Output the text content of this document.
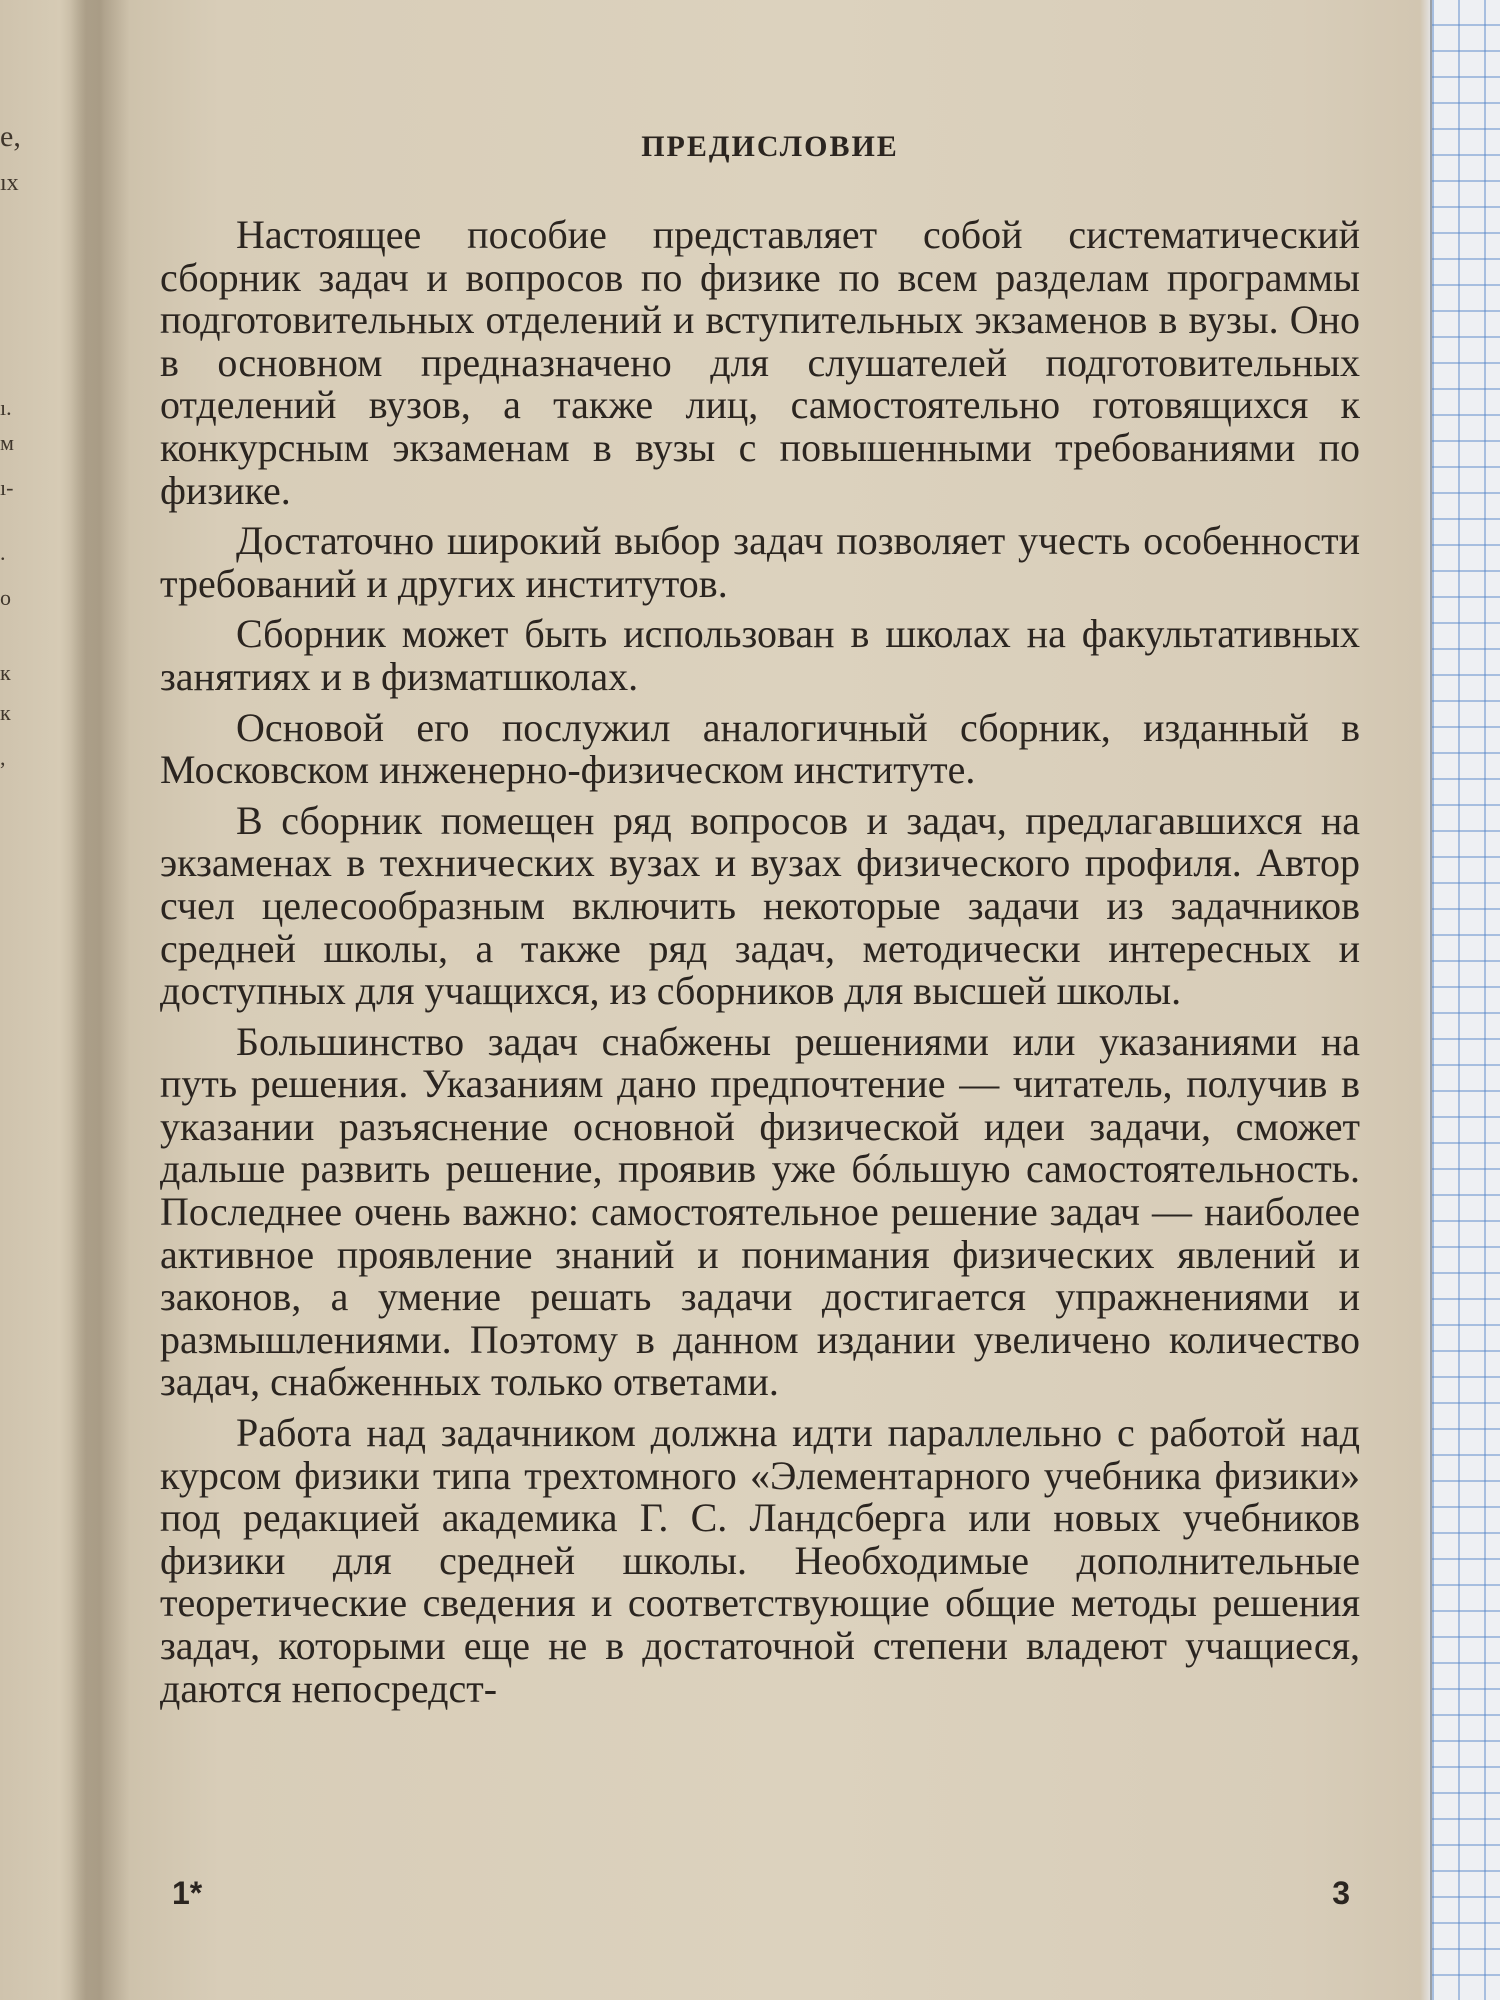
е,
ıх
ı.
м
ı-
.
о
к
к
,
ПРЕДИСЛОВИЕ

Настоящее пособие представляет собой систематический сборник задач и вопросов по физике по всем разделам программы подготовительных отделений и вступительных экзаменов в вузы. Оно в основном предназначено для слушателей подготовительных отделений вузов, а также лиц, самостоятельно готовящихся к конкурсным экзаменам в вузы с повышенными требованиями по физике.

Достаточно широкий выбор задач позволяет учесть особенности требований и других институтов.

Сборник может быть использован в школах на факультативных занятиях и в физматшколах.

Основой его послужил аналогичный сборник, изданный в Московском инженерно-физическом институте.

В сборник помещен ряд вопросов и задач, предлагавшихся на экзаменах в технических вузах и вузах физического профиля. Автор счел целесообразным включить некоторые задачи из задачников средней школы, а также ряд задач, методически интересных и доступных для учащихся, из сборников для высшей школы.

Большинство задач снабжены решениями или указаниями на путь решения. Указаниям дано предпочтение — читатель, получив в указании разъяснение основной физической идеи задачи, сможет дальше развить решение, проявив уже бóльшую самостоятельность. Последнее очень важно: самостоятельное решение задач — наиболее активное проявление знаний и понимания физических явлений и законов, а умение решать задачи достигается упражнениями и размышлениями. Поэтому в данном издании увеличено количество задач, снабженных только ответами.

Работа над задачником должна идти параллельно с работой над курсом физики типа трехтомного «Элементарного учебника физики» под редакцией академика Г. С. Ландсберга или новых учебников физики для средней школы. Необходимые дополнительные теоретические сведения и соответствующие общие методы решения задач, которыми еще не в достаточной степени владеют учащиеся, даются непосредст-

1*	3
